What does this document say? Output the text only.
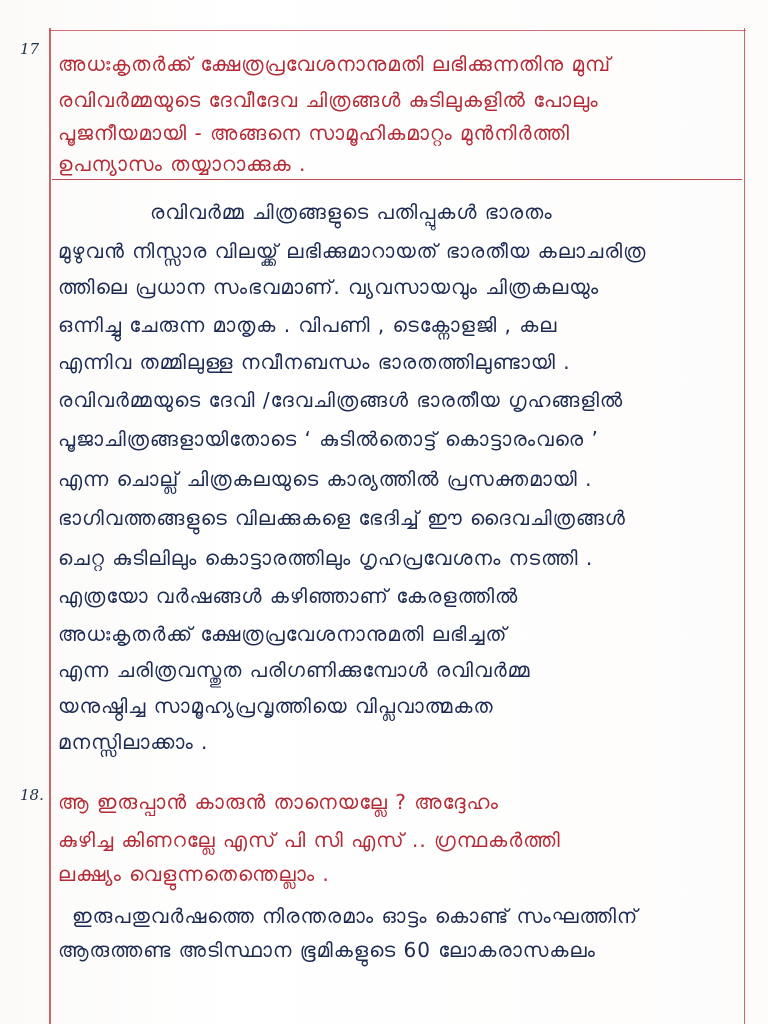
17
അധഃകൃതർക്ക് ക്ഷേത്രപ്രവേശനാനുമതി ലഭിക്കുന്നതിനു മുമ്പ്
രവിവർമ്മയുടെ ദേവീദേവ ചിത്രങ്ങൾ കുടിലുകളിൽ പോലും
പൂജനീയമായി - അങ്ങനെ സാമൂഹികമാറ്റം മുൻനിർത്തി
ഉപന്യാസം തയ്യാറാക്കുക .
രവിവർമ്മ ചിത്രങ്ങളുടെ പതിപ്പുകൾ ഭാരതം
മുഴുവൻ നിസ്സാര വിലയ്ക്ക് ലഭിക്കുമാറായത് ഭാരതീയ കലാചരിത്ര
ത്തിലെ പ്രധാന സംഭവമാണ്. വ്യവസായവും ചിത്രകലയും
ഒന്നിച്ചു ചേരുന്ന മാതൃക . വിപണി , ടെക്നോളജി , കല
എന്നിവ തമ്മിലുള്ള നവീനബന്ധം ഭാരതത്തിലുണ്ടായി .
രവിവർമ്മയുടെ ദേവി /ദേവചിത്രങ്ങൾ ഭാരതീയ ഗൃഹങ്ങളിൽ
പൂജാചിത്രങ്ങളായിതോടെ ‘ കുടിൽതൊട്ട് കൊട്ടാരംവരെ ’
എന്ന ചൊല്ല് ചിത്രകലയുടെ കാര്യത്തിൽ പ്രസക്തമായി .
ഭാഗിവത്തങ്ങളുടെ വിലക്കുകളെ ഭേദിച്ച് ഈ ദൈവചിത്രങ്ങൾ
ചെറ്റ കുടിലിലും കൊട്ടാരത്തിലും ഗൃഹപ്രവേശനം നടത്തി .
എത്രയോ വർഷങ്ങൾ കഴിഞ്ഞാണ് കേരളത്തിൽ
അധഃകൃതർക്ക് ക്ഷേത്രപ്രവേശനാനുമതി ലഭിച്ചത്
എന്ന ചരിത്രവസ്തുത പരിഗണിക്കുമ്പോൾ രവിവർമ്മ
യനുഷ്ഠിച്ച സാമൂഹ്യപ്രവൃത്തിയെ വിപ്ലവാത്മകത
മനസ്സിലാക്കാം .
18. ആ ഇരുപ്പാൻ കാരുൻ താനെയല്ലേ ? അദ്ദേഹം
കുഴിച്ച കിണറല്ലേ എസ് പി സി എസ് .. ഗ്രന്ഥകർത്തി
ലക്ഷ്യം വെളുന്നതെന്തെല്ലാം .
ഇരുപതുവർഷത്തെ നിരന്തരമാം ഓട്ടം കൊണ്ട് സംഘത്തിന്
ആരുത്തണ്ട അടിസ്ഥാന ഭൂമികളുടെ 60 ലോകരാസകലം
